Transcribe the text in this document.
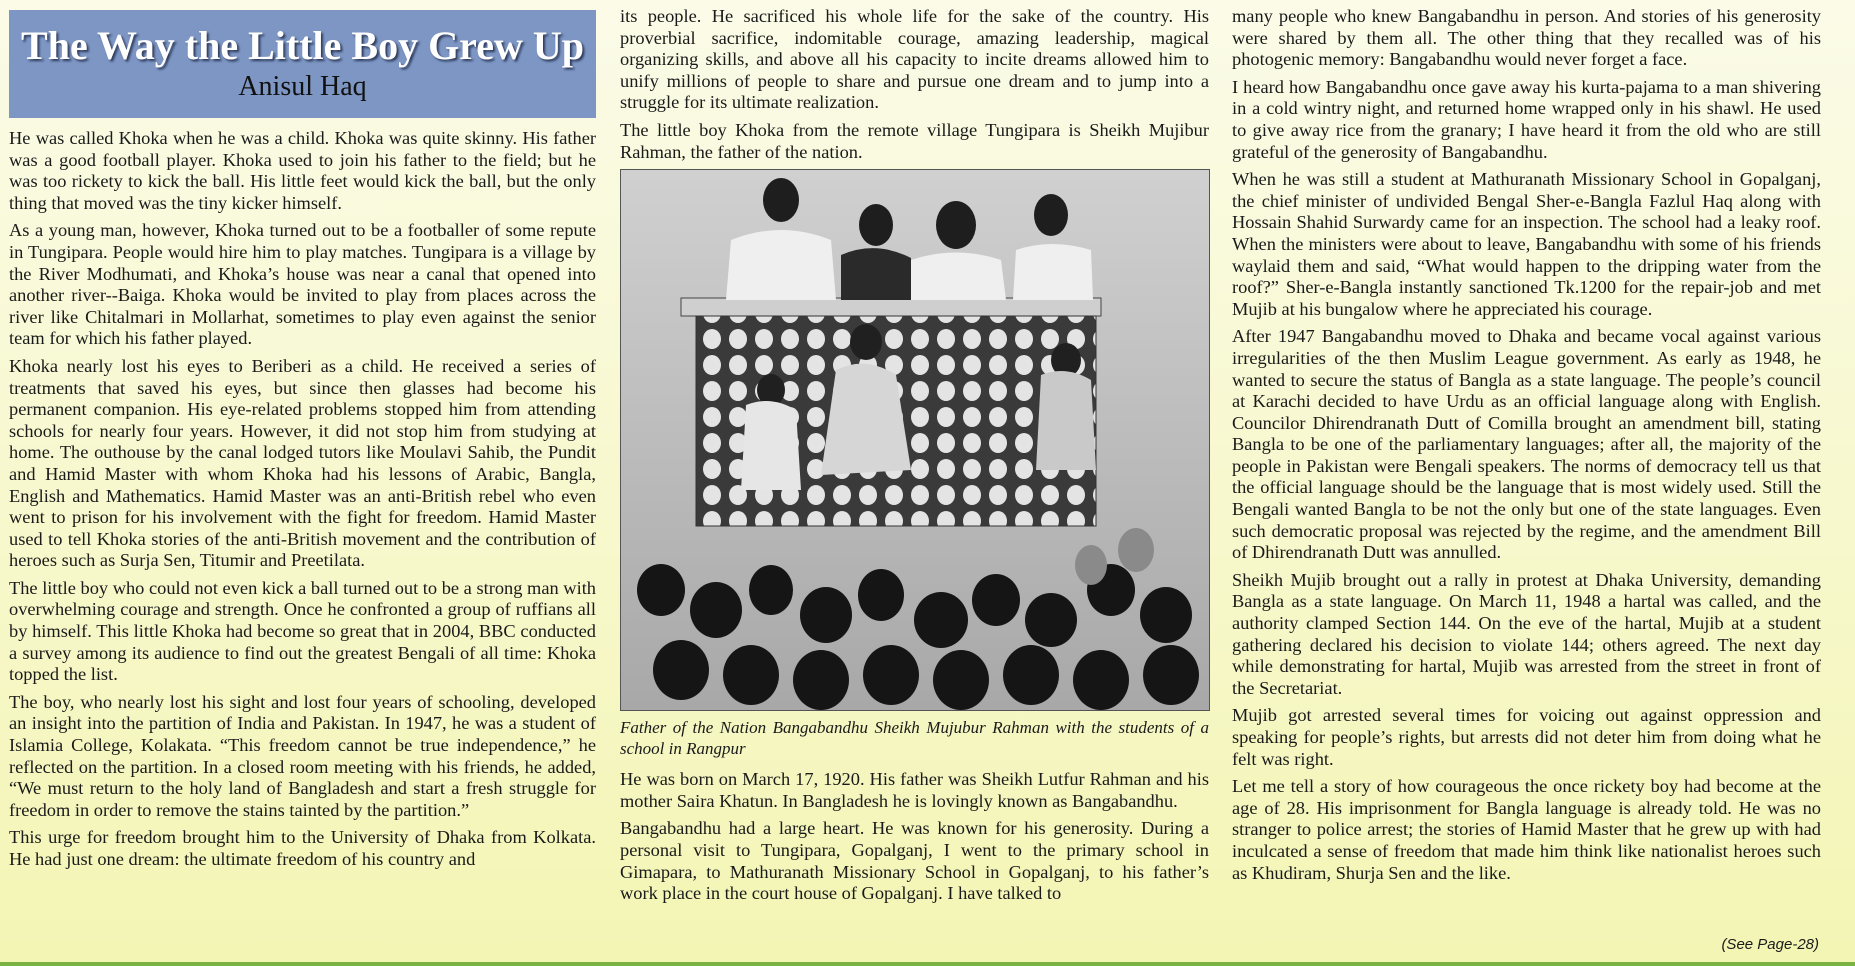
The Way the Little Boy Grew Up
Anisul Haq

He was called Khoka when he was a child. Khoka was quite skinny. His father was a good football player. Khoka used to join his father to the field; but he was too rickety to kick the ball. His little feet would kick the ball, but the only thing that moved was the tiny kicker himself.

As a young man, however, Khoka turned out to be a footballer of some repute in Tungipara. People would hire him to play matches. Tungipara is a village by the River Modhumati, and Khoka’s house was near a canal that opened into another river--Baiga. Khoka would be invited to play from places across the river like Chitalmari in Mollarhat, sometimes to play even against the senior team for which his father played.

Khoka nearly lost his eyes to Beriberi as a child. He received a series of treatments that saved his eyes, but since then glasses had become his permanent companion. His eye-related problems stopped him from attending schools for nearly four years. However, it did not stop him from studying at home. The outhouse by the canal lodged tutors like Moulavi Sahib, the Pundit and Hamid Master with whom Khoka had his lessons of Arabic, Bangla, English and Mathematics. Hamid Master was an anti-British rebel who even went to prison for his involvement with the fight for freedom. Hamid Master used to tell Khoka stories of the anti-British movement and the contribution of heroes such as Surja Sen, Titumir and Preetilata.

The little boy who could not even kick a ball turned out to be a strong man with overwhelming courage and strength. Once he confronted a group of ruffians all by himself. This little Khoka had become so great that in 2004, BBC conducted a survey among its audience to find out the greatest Bengali of all time: Khoka topped the list.

The boy, who nearly lost his sight and lost four years of schooling, developed an insight into the partition of India and Pakistan. In 1947, he was a student of Islamia College, Kolakata. “This freedom cannot be true independence,” he reflected on the partition. In a closed room meeting with his friends, he added, “We must return to the holy land of Bangladesh and start a fresh struggle for freedom in order to remove the stains tainted by the partition.”

This urge for freedom brought him to the University of Dhaka from Kolkata. He had just one dream: the ultimate freedom of his country and

its people. He sacrificed his whole life for the sake of the country. His proverbial sacrifice, indomitable courage, amazing leadership, magical organizing skills, and above all his capacity to incite dreams allowed him to unify millions of people to share and pursue one dream and to jump into a struggle for its ultimate realization.

The little boy Khoka from the remote village Tungipara is Sheikh Mujibur Rahman, the father of the nation.

Father of the Nation Bangabandhu Sheikh Mujubur Rahman with the students of a school in Rangpur

He was born on March 17, 1920. His father was Sheikh Lutfur Rahman and his mother Saira Khatun. In Bangladesh he is lovingly known as Bangabandhu.

Bangabandhu had a large heart. He was known for his generosity. During a personal visit to Tungipara, Gopalganj, I went to the primary school in Gimapara, to Mathuranath Missionary School in Gopalganj, to his father’s work place in the court house of Gopalganj. I have talked to

many people who knew Bangabandhu in person. And stories of his generosity were shared by them all. The other thing that they recalled was of his photogenic memory: Bangabandhu would never forget a face.

I heard how Bangabandhu once gave away his kurta-pajama to a man shivering in a cold wintry night, and returned home wrapped only in his shawl. He used to give away rice from the granary; I have heard it from the old who are still grateful of the generosity of Bangabandhu.

When he was still a student at Mathuranath Missionary School in Gopalganj, the chief minister of undivided Bengal Sher-e-Bangla Fazlul Haq along with Hossain Shahid Surwardy came for an inspection. The school had a leaky roof. When the ministers were about to leave, Bangabandhu with some of his friends waylaid them and said, “What would happen to the dripping water from the roof?” Sher-e-Bangla instantly sanctioned Tk.1200 for the repair-job and met Mujib at his bungalow where he appreciated his courage.

After 1947 Bangabandhu moved to Dhaka and became vocal against various irregularities of the then Muslim League government. As early as 1948, he wanted to secure the status of Bangla as a state language. The people’s council at Karachi decided to have Urdu as an official language along with English. Councilor Dhirendranath Dutt of Comilla brought an amendment bill, stating Bangla to be one of the parliamentary languages; after all, the majority of the people in Pakistan were Bengali speakers. The norms of democracy tell us that the official language should be the language that is most widely used. Still the Bengali wanted Bangla to be not the only but one of the state languages. Even such democratic proposal was rejected by the regime, and the amendment Bill of Dhirendranath Dutt was annulled.

Sheikh Mujib brought out a rally in protest at Dhaka University, demanding Bangla as a state language. On March 11, 1948 a hartal was called, and the authority clamped Section 144. On the eve of the hartal, Mujib at a student gathering declared his decision to violate 144; others agreed. The next day while demonstrating for hartal, Mujib was arrested from the street in front of the Secretariat.

Mujib got arrested several times for voicing out against oppression and speaking for people’s rights, but arrests did not deter him from doing what he felt was right.

Let me tell a story of how courageous the once rickety boy had become at the age of 28. His imprisonment for Bangla language is already told. He was no stranger to police arrest; the stories of Hamid Master that he grew up with had inculcated a sense of freedom that made him think like nationalist heroes such as Khudiram, Shurja Sen and the like.

(See Page-28)
